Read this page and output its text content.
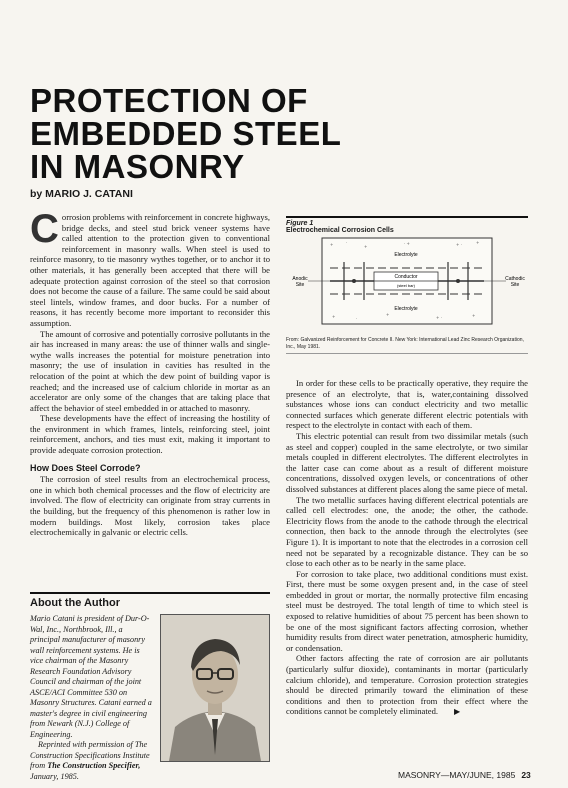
PROTECTION OF
EMBEDDED STEEL
IN MASONRY
by MARIO J. CATANI

Corrosion problems with reinforcement in concrete highways, bridge decks, and steel stud brick veneer systems have called attention to the protection given to conventional reinforcement in masonry walls. When steel is used to reinforce masonry, to tie masonry wythes together, or to anchor it to other materials, it has generally been accepted that there will be adequate protection against corrosion of the steel so that corrosion does not become the cause of a failure. The same could be said about steel lintels, window frames, and door bucks. For a number of reasons, it has recently become more important to reconsider this assumption.

The amount of corrosive and potentially corrosive pollutants in the air has increased in many areas: the use of thinner walls and single-wythe walls increases the potential for moisture penetration into masonry; the use of insulation in cavities has resulted in the relocation of the point at which the dew point of building vapor is reached; and the increased use of calcium chloride in mortar as an accelerator are only some of the changes that are taking place that affect the behavior of steel embedded in or attached to masonry.

These developments have the effect of increasing the hostility of the environment in which frames, lintels, reinforcing steel, joint reinforcement, anchors, and ties must exit, making it important to provide adequate corrosion protection.

How Does Steel Corrode?

The corrosion of steel results from an electrochemical process, one in which both chemical processes and the flow of electricity are involved. The flow of electricity can originate from stray currents in the building, but the frequency of this phenomenon is rather low in modern buildings. Most likely, corrosion takes place electrochemically in galvanic or electric cells.

About the Author

Mario Catani is president of Dur-O-Wal, Inc., Northbrook, Ill., a principal manufacturer of masonry wall reinforcement systems. He is vice chairman of the Masonry Research Foundation Advisory Council and chairman of the joint ASCE/ACI Committee 530 on Masonry Structures. Catani earned a master's degree in civil engineering from Newark (N.J.) College of Engineering.

Reprinted with permission of The Construction Specifications Institute from The Construction Specifier, January, 1985.

Figure 1
Electrochemical Corrosion Cells
+	·
+
· +	+ ·	+
+	·
+
+ ·	+
Electrolyte
Conductor
(steel bar)
Anodic
Site
Cathodic
Site
Electrolyte
From: Galvanized Reinforcement for Concrete II. New York: International Lead Zinc Research Organization, Inc., May 1981.

In order for these cells to be practically operative, they require the presence of an electrolyte, that is, water,containing dissolved substances whose ions can conduct electricity and two metallic connected surfaces which generate different electric potentials with respect to the electrolyte in contact with each of them.

This electric potential can result from two dissimilar metals (such as steel and copper) coupled in the same electrolyte, or two similar metals coupled in different electrolytes. The different electrolytes in the latter case can come about as a result of different moisture concentrations, dissolved oxygen levels, or concentrations of other dissolved substances at different places along the same piece of metal.

The two metallic surfaces having different electrical potentials are called cell electrodes: one, the anode; the other, the cathode. Electricity flows from the anode to the cathode through the electrical connection, then back to the annode through the electrolytes (see Figure 1). It is important to note that the electrodes in a corrosion cell need not be separated by a recognizable distance. They can be so close to each other as to be nearly in the same place.

For corrosion to take place, two additional conditions must exist. First, there must be some oxygen present and, in the case of steel embedded in grout or mortar, the normally protective film encasing steel must be destroyed. The total length of time to which steel is exposed to relative humidities of about 75 percent has been shown to be one of the most significant factors affecting corrosion, whether humidity results from direct water penetration, atmospheric humidity, or condensation.

Other factors affecting the rate of corrosion are air pollutants (particularly sulfur dioxide), contaminants in mortar (particularly calcium chloride), and temperature. Corrosion protection strategies should be directed primarily toward the elimination of these conditions and then to protection from their effect where the conditions cannot be completely eliminated. ▶

MASONRY—MAY/JUNE, 1985 23
